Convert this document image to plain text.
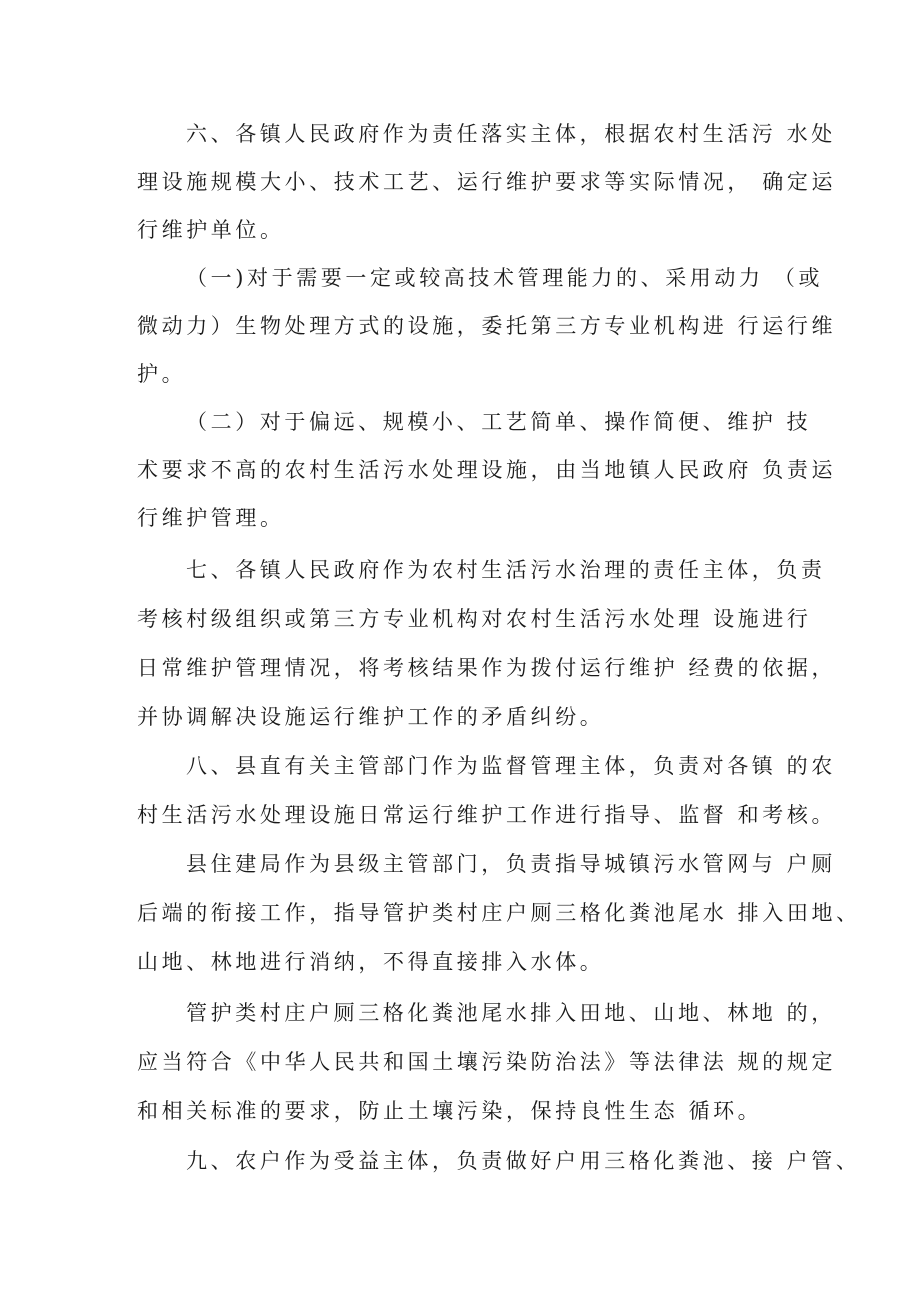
六、各镇人民政府作为责任落实主体，根据农村生活污 水处
理设施规模大小、技术工艺、运行维护要求等实际情况， 确定运
行维护单位。
（一)对于需要一定或较高技术管理能力的、采用动力 （或
微动力）生物处理方式的设施，委托第三方专业机构进 行运行维
护。
（二）对于偏远、规模小、工艺简单、操作简便、维护 技
术要求不高的农村生活污水处理设施，由当地镇人民政府 负责运
行维护管理。
七、各镇人民政府作为农村生活污水治理的责任主体，负责
考核村级组织或第三方专业机构对农村生活污水处理 设施进行
日常维护管理情况，将考核结果作为拨付运行维护 经费的依据，
并协调解决设施运行维护工作的矛盾纠纷。
八、县直有关主管部门作为监督管理主体，负责对各镇 的农
村生活污水处理设施日常运行维护工作进行指导、监督 和考核。
县住建局作为县级主管部门，负责指导城镇污水管网与 户厕
后端的衔接工作，指导管护类村庄户厕三格化粪池尾水 排入田地、
山地、林地进行消纳，不得直接排入水体。
管护类村庄户厕三格化粪池尾水排入田地、山地、林地 的，
应当符合《中华人民共和国土壤污染防治法》等法律法 规的规定
和相关标准的要求，防止土壤污染，保持良性生态 循环。
九、农户作为受益主体，负责做好户用三格化粪池、接 户管、
